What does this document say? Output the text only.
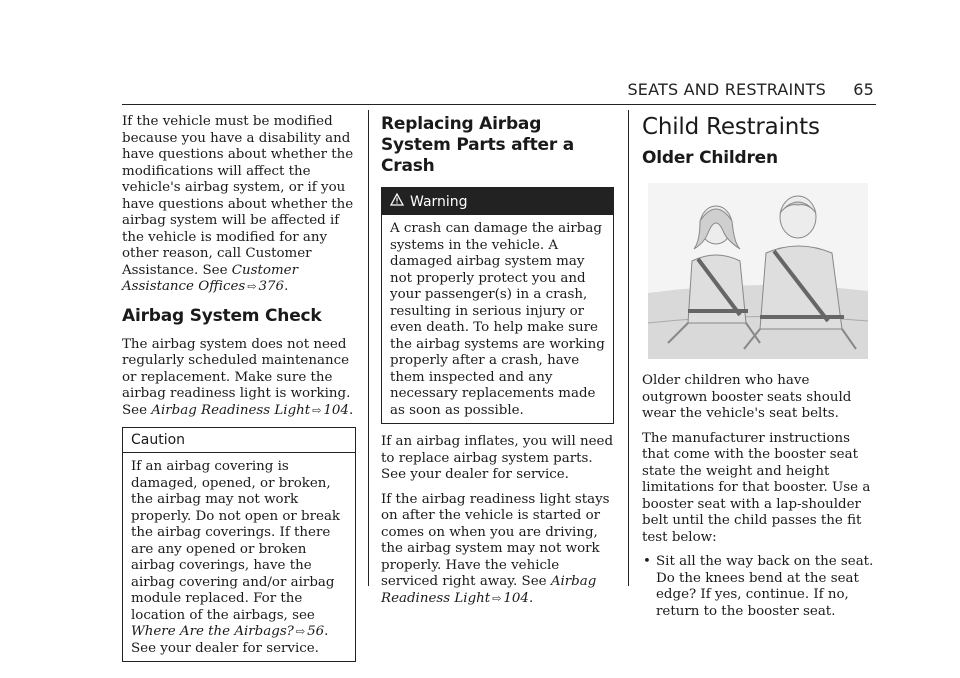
SEATS AND RESTRAINTS 65

If the vehicle must be modified because you have a disability and have questions about whether the modifications will affect the vehicle's airbag system, or if you have questions about whether the airbag system will be affected if the vehicle is modified for any other reason, call Customer Assistance. See Customer Assistance Offices ⇨ 376.

Airbag System Check

The airbag system does not need regularly scheduled maintenance or replacement. Make sure the airbag readiness light is working. See Airbag Readiness Light ⇨ 104.

Caution

If an airbag covering is damaged, opened, or broken, the airbag may not work properly. Do not open or break the airbag coverings. If there are any opened or broken airbag coverings, have the airbag covering and/or airbag module replaced. For the location of the airbags, see Where Are the Airbags? ⇨ 56. See your dealer for service.

Replacing Airbag System Parts after a Crash
Warning

A crash can damage the airbag systems in the vehicle. A damaged airbag system may not properly protect you and your passenger(s) in a crash, resulting in serious injury or even death. To help make sure the airbag systems are working properly after a crash, have them inspected and any necessary replacements made as soon as possible.

If an airbag inflates, you will need to replace airbag system parts. See your dealer for service.

If the airbag readiness light stays on after the vehicle is started or comes on when you are driving, the airbag system may not work properly. Have the vehicle serviced right away. See Airbag Readiness Light ⇨ 104.

Child Restraints
Older Children

Older children who have outgrown booster seats should wear the vehicle's seat belts.

The manufacturer instructions that come with the booster seat state the weight and height limitations for that booster. Use a booster seat with a lap-shoulder belt until the child passes the fit test below:

• Sit all the way back on the seat. Do the knees bend at the seat edge? If yes, continue. If no, return to the booster seat.
